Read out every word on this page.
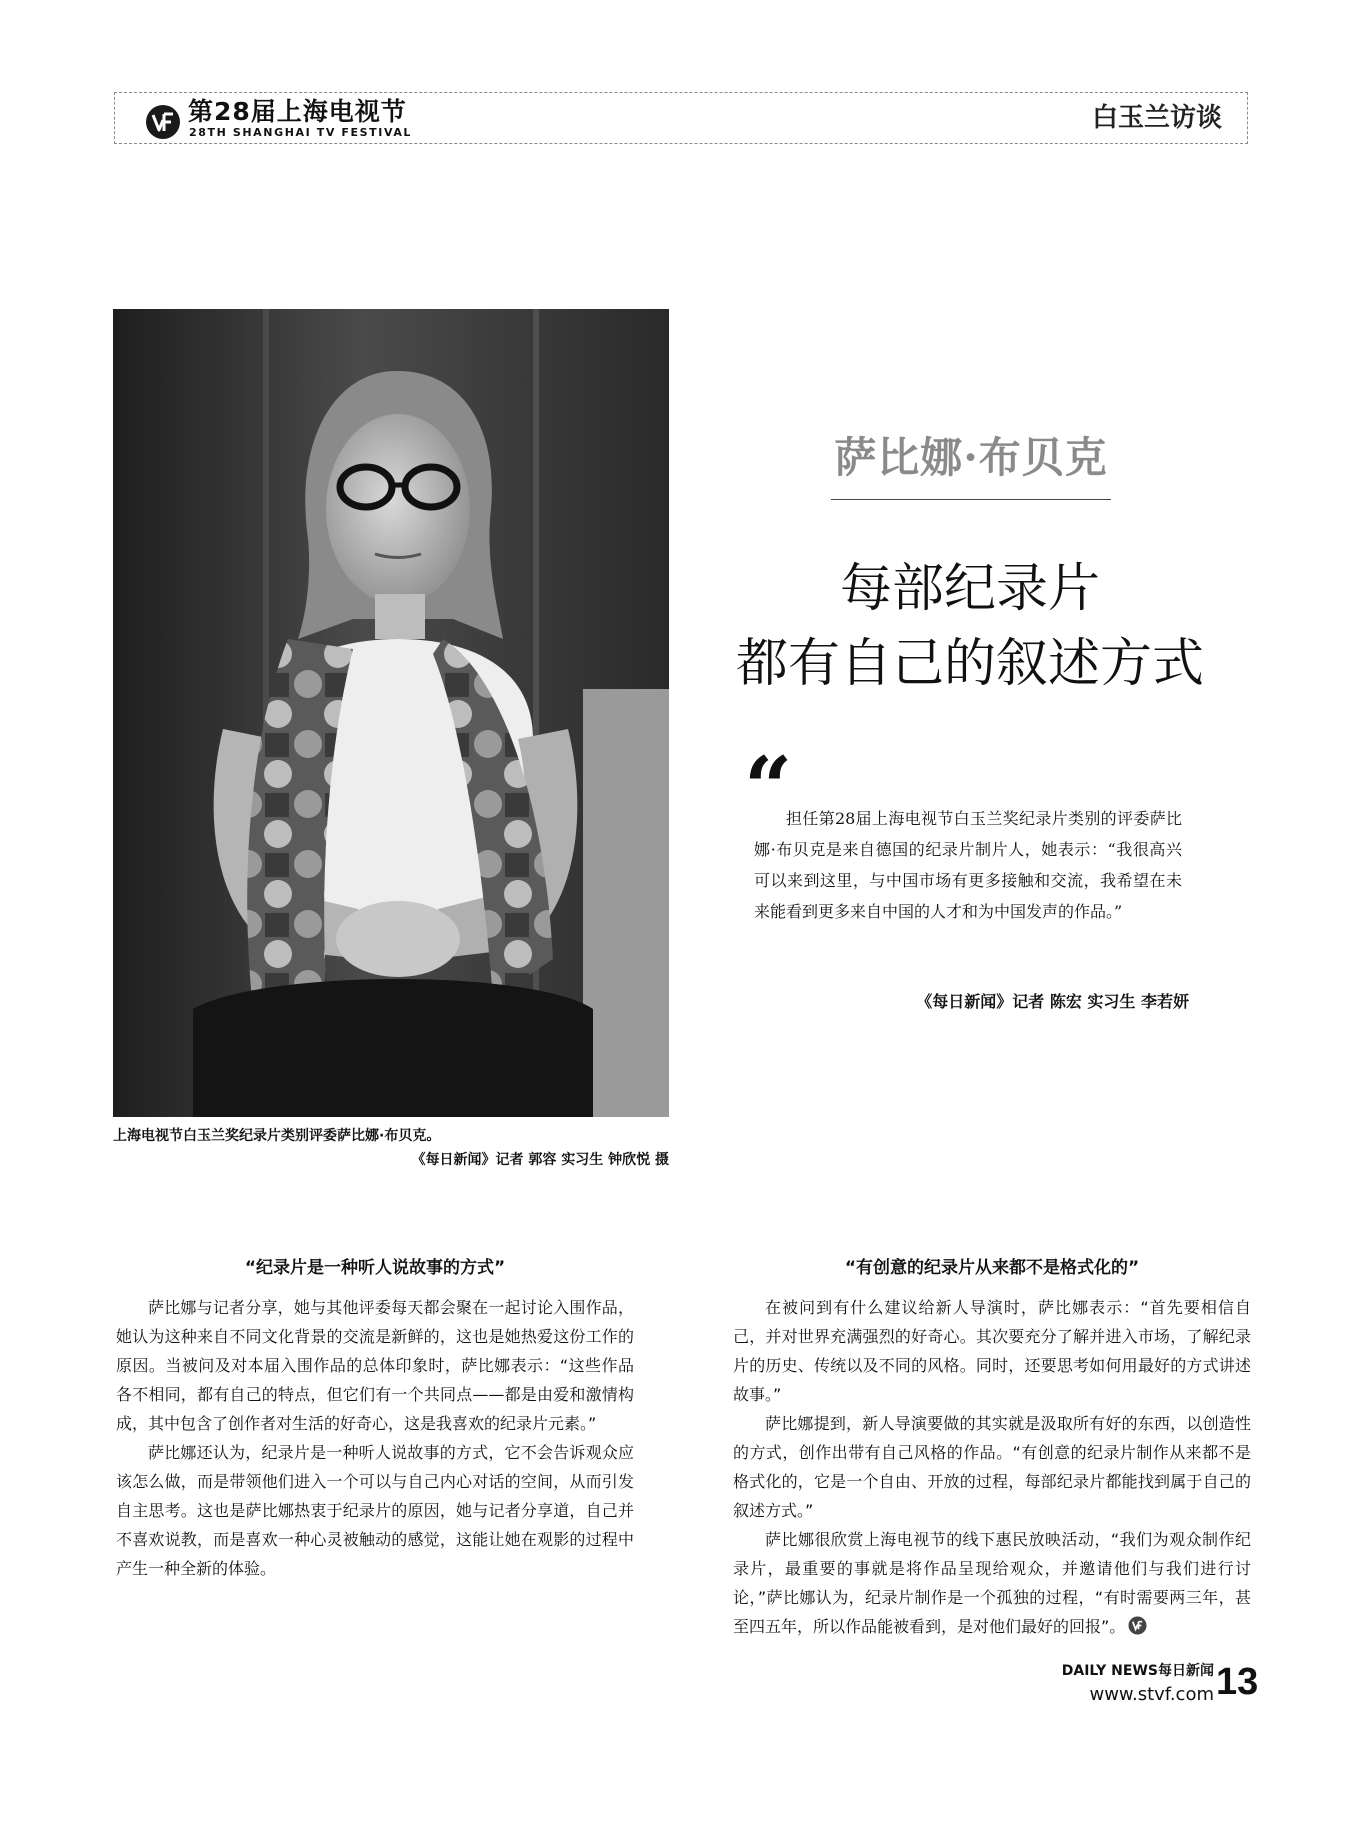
第28届上海电视节
28TH SHANGHAI TV FESTIVAL	白玉兰访谈
上海电视节白玉兰奖纪录片类别评委萨比娜·布贝克。
《每日新闻》记者 郭容 实习生 钟欣悦 摄
萨比娜·布贝克
每部纪录片
都有自己的叙述方式
“

担任第28届上海电视节白玉兰奖纪录片类别的评委萨比娜·布贝克是来自德国的纪录片制片人，她表示：“我很高兴可以来到这里，与中国市场有更多接触和交流，我希望在未来能看到更多来自中国的人才和为中国发声的作品。”

《每日新闻》记者 陈宏 实习生 李若妍
“纪录片是一种听人说故事的方式”

萨比娜与记者分享，她与其他评委每天都会聚在一起讨论入围作品，她认为这种来自不同文化背景的交流是新鲜的，这也是她热爱这份工作的原因。当被问及对本届入围作品的总体印象时，萨比娜表示：“这些作品各不相同，都有自己的特点，但它们有一个共同点——都是由爱和激情构成，其中包含了创作者对生活的好奇心，这是我喜欢的纪录片元素。”

萨比娜还认为，纪录片是一种听人说故事的方式，它不会告诉观众应该怎么做，而是带领他们进入一个可以与自己内心对话的空间，从而引发自主思考。这也是萨比娜热衷于纪录片的原因，她与记者分享道，自己并不喜欢说教，而是喜欢一种心灵被触动的感觉，这能让她在观影的过程中产生一种全新的体验。

“有创意的纪录片从来都不是格式化的”

在被问到有什么建议给新人导演时，萨比娜表示：“首先要相信自己，并对世界充满强烈的好奇心。其次要充分了解并进入市场，了解纪录片的历史、传统以及不同的风格。同时，还要思考如何用最好的方式讲述故事。”

萨比娜提到，新人导演要做的其实就是汲取所有好的东西，以创造性的方式，创作出带有自己风格的作品。“有创意的纪录片制作从来都不是格式化的，它是一个自由、开放的过程，每部纪录片都能找到属于自己的叙述方式。”

萨比娜很欣赏上海电视节的线下惠民放映活动，“我们为观众制作纪录片，最重要的事就是将作品呈现给观众，并邀请他们与我们进行讨论，”萨比娜认为，纪录片制作是一个孤独的过程，“有时需要两三年，甚至四五年，所以作品能被看到，是对他们最好的回报”。

DAILY NEWS每日新闻
www.stvf.com 13
